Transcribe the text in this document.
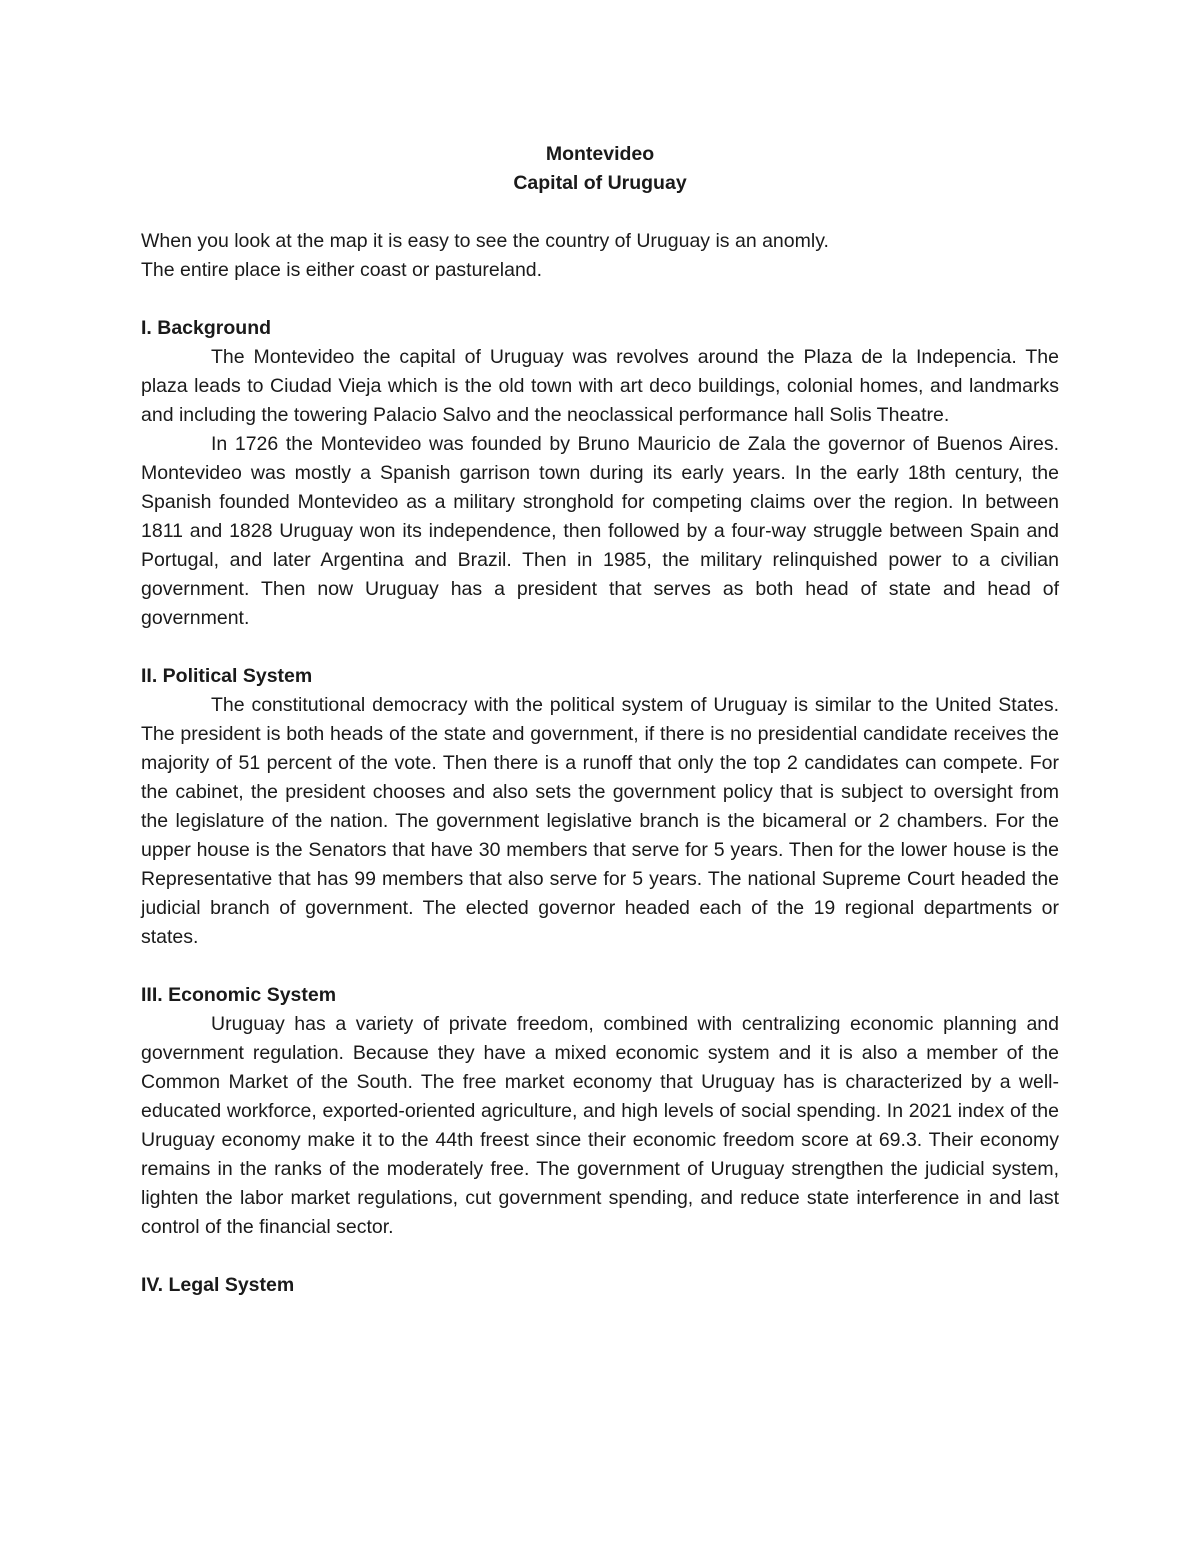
Montevideo

Capital of Uruguay

When you look at the map it is easy to see the country of Uruguay is an anomly.

The entire place is either coast or pastureland.

I. Background

The Montevideo the capital of Uruguay was revolves around the Plaza de la Indepencia. The plaza leads to Ciudad Vieja which is the old town with art deco buildings, colonial homes, and landmarks and including the towering Palacio Salvo and the neoclassical performance hall Solis Theatre.

In 1726 the Montevideo was founded by Bruno Mauricio de Zala the governor of Buenos Aires. Montevideo was mostly a Spanish garrison town during its early years. In the early 18th century, the Spanish founded Montevideo as a military stronghold for competing claims over the region. In between 1811 and 1828 Uruguay won its independence, then followed by a four-way struggle between Spain and Portugal, and later Argentina and Brazil. Then in 1985, the military relinquished power to a civilian government. Then now Uruguay has a president that serves as both head of state and head of government.

II. Political System

The constitutional democracy with the political system of Uruguay is similar to the United States. The president is both heads of the state and government, if there is no presidential candidate receives the majority of 51 percent of the vote. Then there is a runoff that only the top 2 candidates can compete. For the cabinet, the president chooses and also sets the government policy that is subject to oversight from the legislature of the nation. The government legislative branch is the bicameral or 2 chambers. For the upper house is the Senators that have 30 members that serve for 5 years. Then for the lower house is the Representative that has 99 members that also serve for 5 years. The national Supreme Court headed the judicial branch of government. The elected governor headed each of the 19 regional departments or states.

III. Economic System

Uruguay has a variety of private freedom, combined with centralizing economic planning and government regulation. Because they have a mixed economic system and it is also a member of the Common Market of the South. The free market economy that Uruguay has is characterized by a well-educated workforce, exported-oriented agriculture, and high levels of social spending. In 2021 index of the Uruguay economy make it to the 44th freest since their economic freedom score at 69.3. Their economy remains in the ranks of the moderately free. The government of Uruguay strengthen the judicial system, lighten the labor market regulations, cut government spending, and reduce state interference in and last control of the financial sector.

IV. Legal System
